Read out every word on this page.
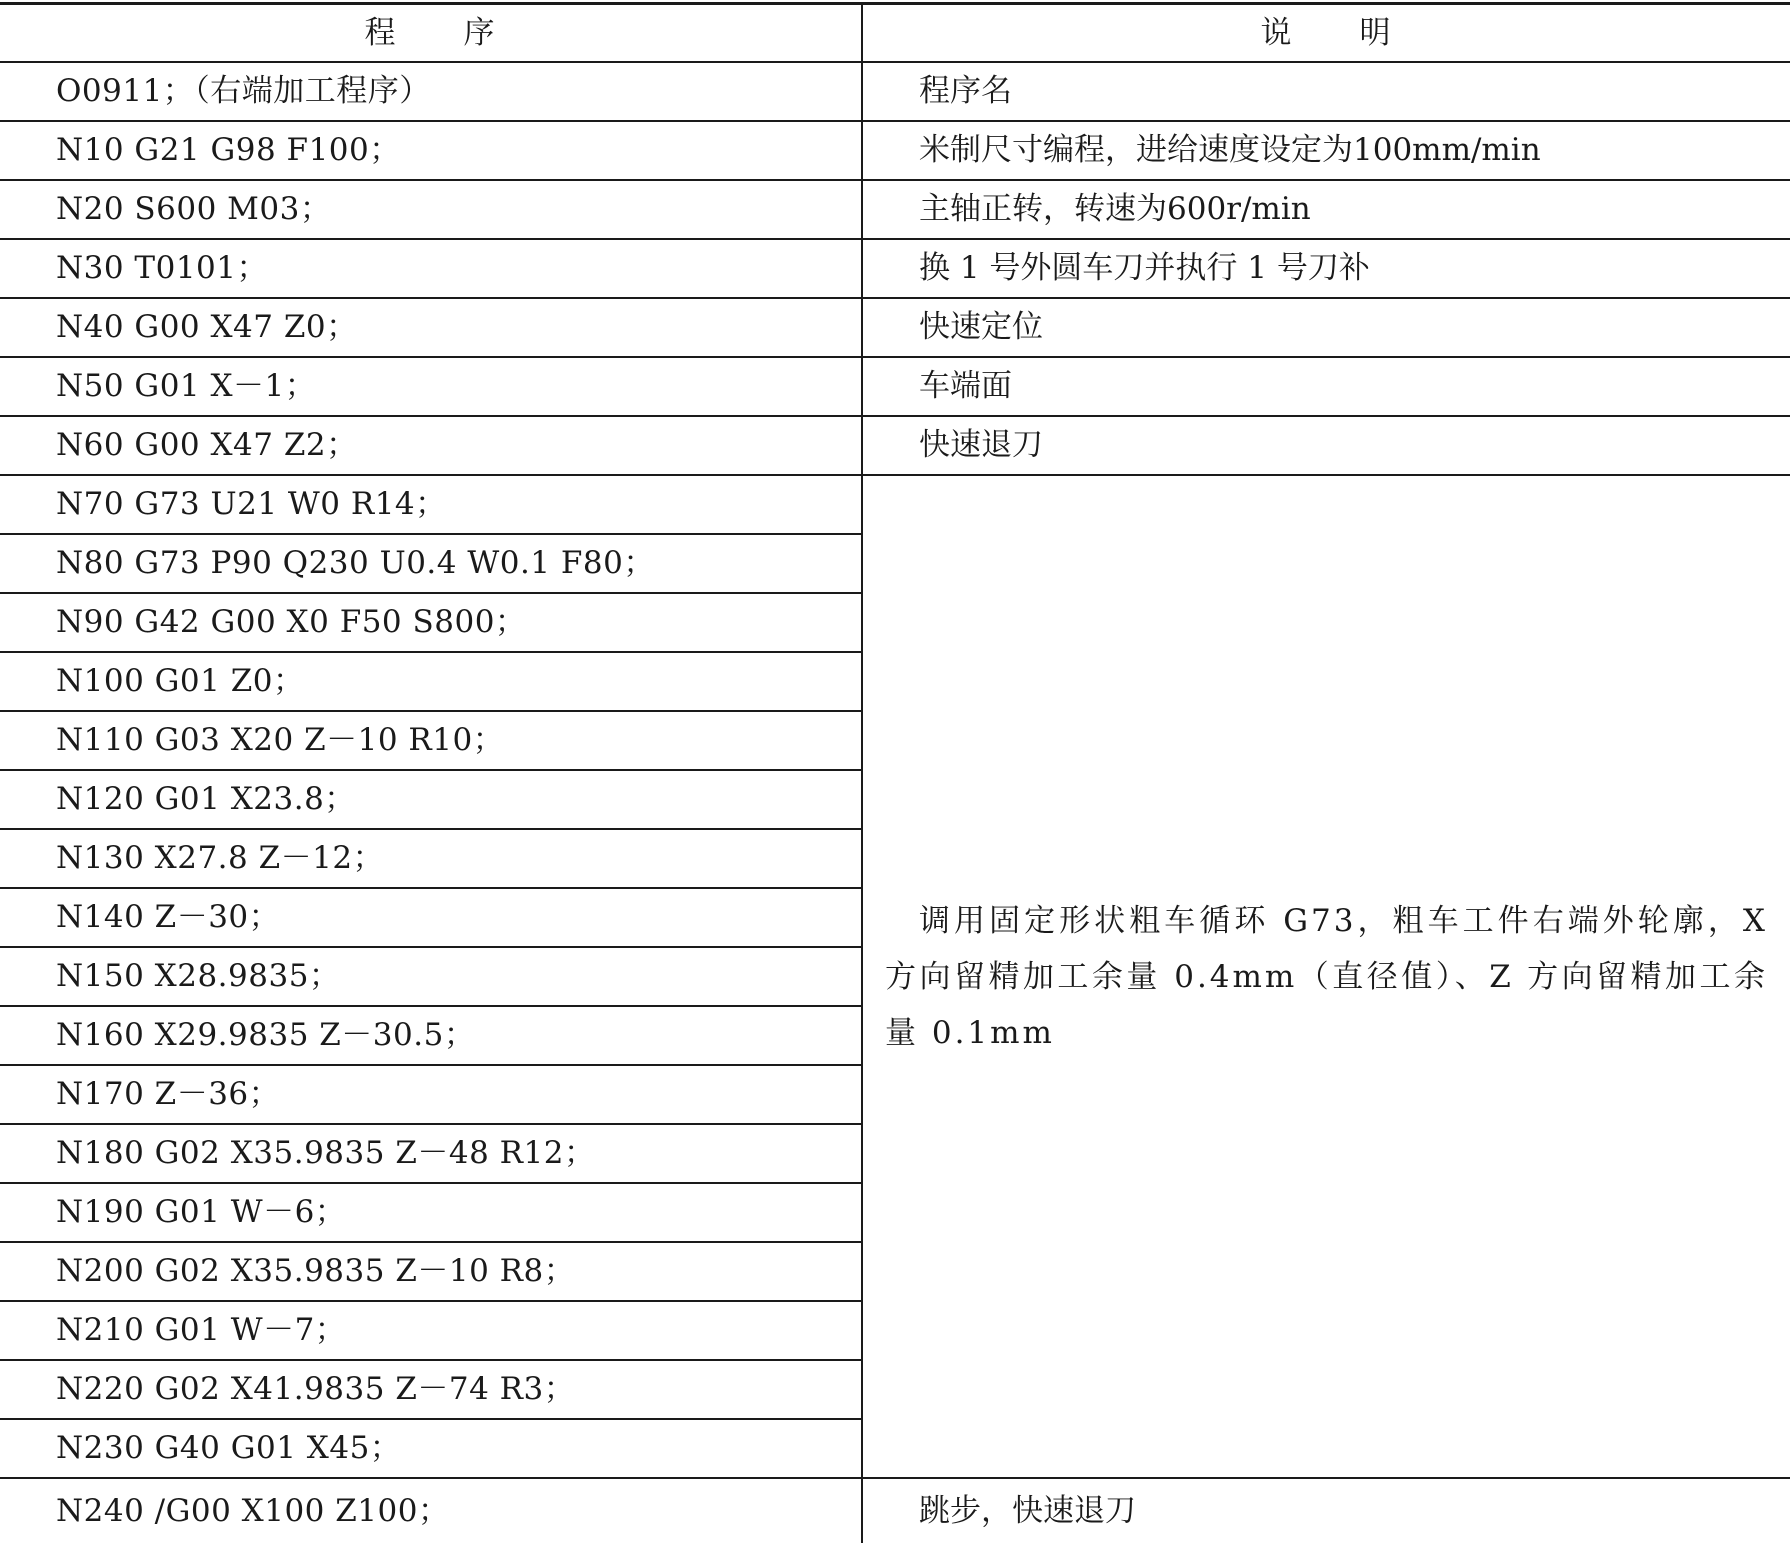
程　　序	说　　明
O0911；（右端加工程序）	程序名
N10 G21 G98 F100；	米制尺寸编程，进给速度设定为100mm/min
N20 S600 M03；	主轴正转，转速为600r/min
N30 T0101；	换 1 号外圆车刀并执行 1 号刀补
N40 G00 X47 Z0；	快速定位
N50 G01 X－1；	车端面
N60 G00 X47 Z2；	快速退刀
N70 G73 U21 W0 R14；	调用固定形状粗车循环 G73，粗车工件右端外轮廓，X 方向留精加工余量 0.4mm（直径值）、Z 方向留精加工余量 0.1mm

N80 G73 P90 Q230 U0.4 W0.1 F80；	
N90 G42 G00 X0 F50 S800；	
N100 G01 Z0；	
N110 G03 X20 Z－10 R10；	
N120 G01 X23.8；	
N130 X27.8 Z－12；	
N140 Z－30；	
N150 X28.9835；	
N160 X29.9835 Z－30.5；	
N170 Z－36；	
N180 G02 X35.9835 Z－48 R12；	
N190 G01 W－6；	
N200 G02 X35.9835 Z－10 R8；	
N210 G01 W－7；	
N220 G02 X41.9835 Z－74 R3；	
N230 G40 G01 X45；	
N240 /G00 X100 Z100；	跳步，快速退刀
